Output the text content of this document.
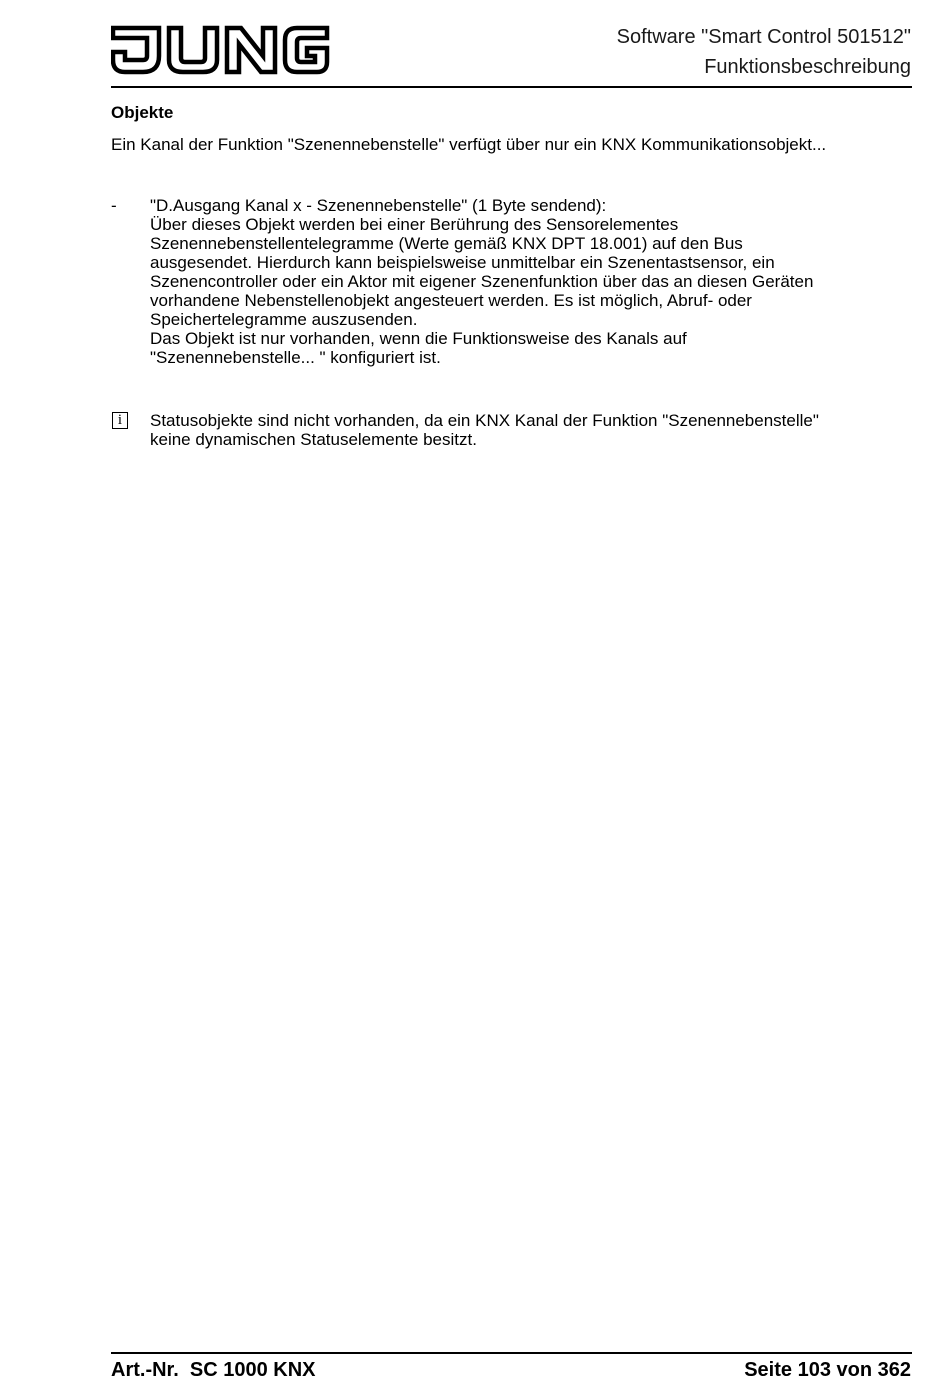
Software "Smart Control 501512"
Funktionsbeschreibung
Objekte
Ein Kanal der Funktion "Szenennebenstelle" verfügt über nur ein KNX Kommunikationsobjekt...
- "D.Ausgang Kanal x - Szenennebenstelle" (1 Byte sendend):
Über dieses Objekt werden bei einer Berührung des Sensorelementes
Szenennebenstellentelegramme (Werte gemäß KNX DPT 18.001) auf den Bus
ausgesendet. Hierdurch kann beispielsweise unmittelbar ein Szenentastsensor, ein
Szenencontroller oder ein Aktor mit eigener Szenenfunktion über das an diesen Geräten
vorhandene Nebenstellenobjekt angesteuert werden. Es ist möglich, Abruf- oder
Speichertelegramme auszusenden.
Das Objekt ist nur vorhanden, wenn die Funktionsweise des Kanals auf
"Szenennebenstelle... " konfiguriert ist.
i	Statusobjekte sind nicht vorhanden, da ein KNX Kanal der Funktion "Szenennebenstelle"
keine dynamischen Statuselemente besitzt.
Art.-Nr.  SC 1000 KNX	Seite 103 von 362
